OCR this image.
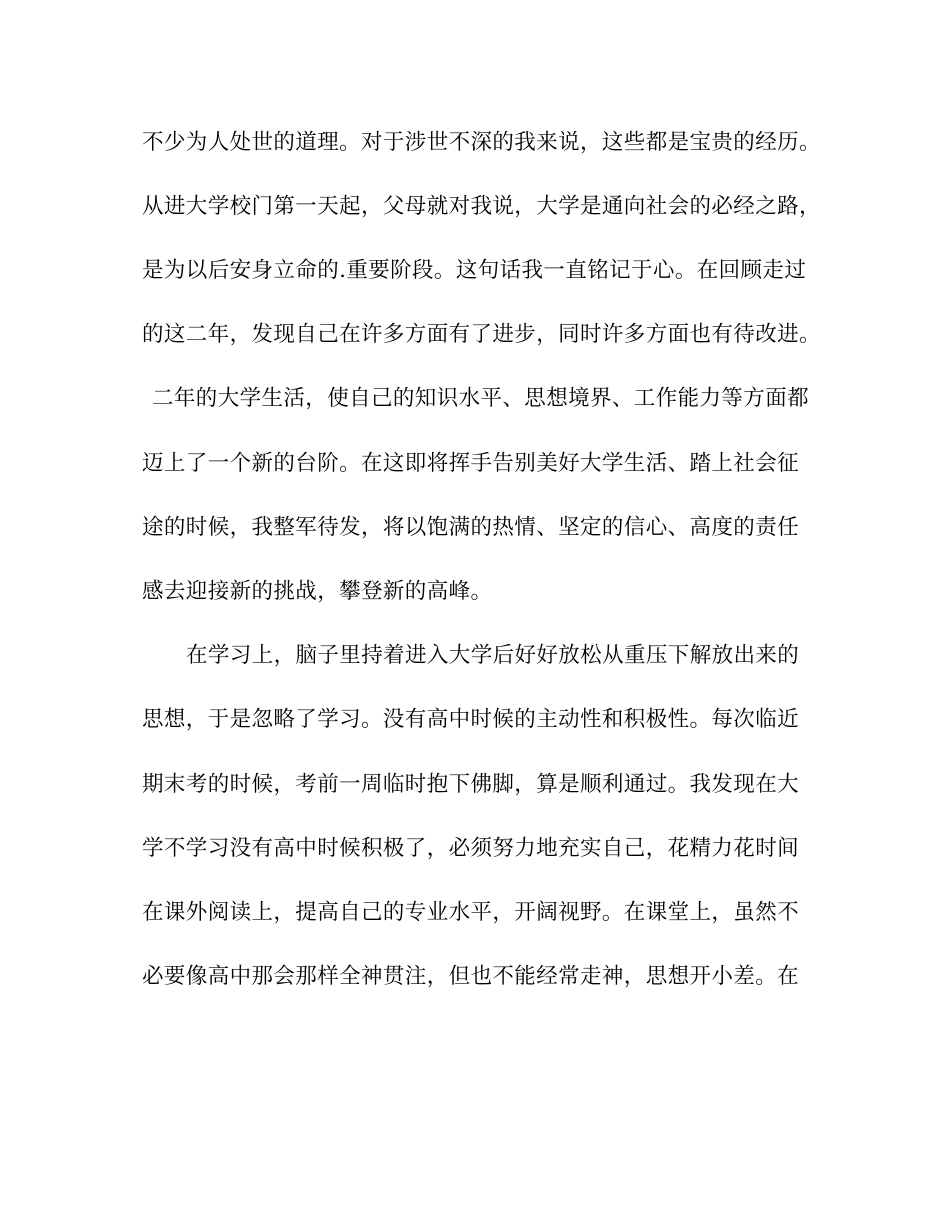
不少为人处世的道理。对于涉世不深的我来说，这些都是宝贵的经历。

从进大学校门第一天起，父母就对我说，大学是通向社会的必经之路，

是为以后安身立命的.重要阶段。这句话我一直铭记于心。在回顾走过

的这二年，发现自己在许多方面有了进步，同时许多方面也有待改进。

二年的大学生活，使自己的知识水平、思想境界、工作能力等方面都

迈上了一个新的台阶。在这即将挥手告别美好大学生活、踏上社会征

途的时候，我整军待发，将以饱满的热情、坚定的信心、高度的责任

感去迎接新的挑战，攀登新的高峰。

在学习上，脑子里持着进入大学后好好放松从重压下解放出来的

思想，于是忽略了学习。没有高中时候的主动性和积极性。每次临近

期末考的时候，考前一周临时抱下佛脚，算是顺利通过。我发现在大

学不学习没有高中时候积极了，必须努力地充实自己，花精力花时间

在课外阅读上，提高自己的专业水平，开阔视野。在课堂上，虽然不

必要像高中那会那样全神贯注，但也不能经常走神，思想开小差。在
